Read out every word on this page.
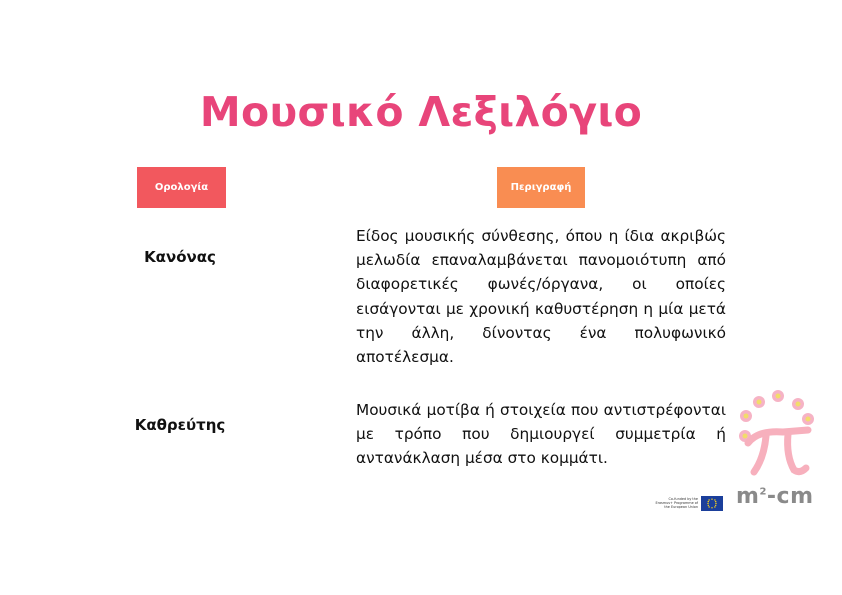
Μουσικό Λεξιλόγιο
Ορολογία	Περιγραφή
Κανόνας
Είδος μουσικής σύνθεσης, όπου η ίδια ακριβώς μελωδία επαναλαμβάνεται πανομοιότυπη από διαφορετικές φωνές/όργανα, οι οποίες εισάγονται με χρονική καθυστέρηση η μία μετά την άλλη, δίνοντας ένα πολυφωνικό αποτέλεσμα.
Καθρεύτης
Μουσικά μοτίβα ή στοιχεία που αντιστρέφονται με τρόπο που δημιουργεί συμμετρία ή αντανάκλαση μέσα στο κομμάτι.
Co-funded by the Erasmus+ Programme of the European Union $m^2-cm$
